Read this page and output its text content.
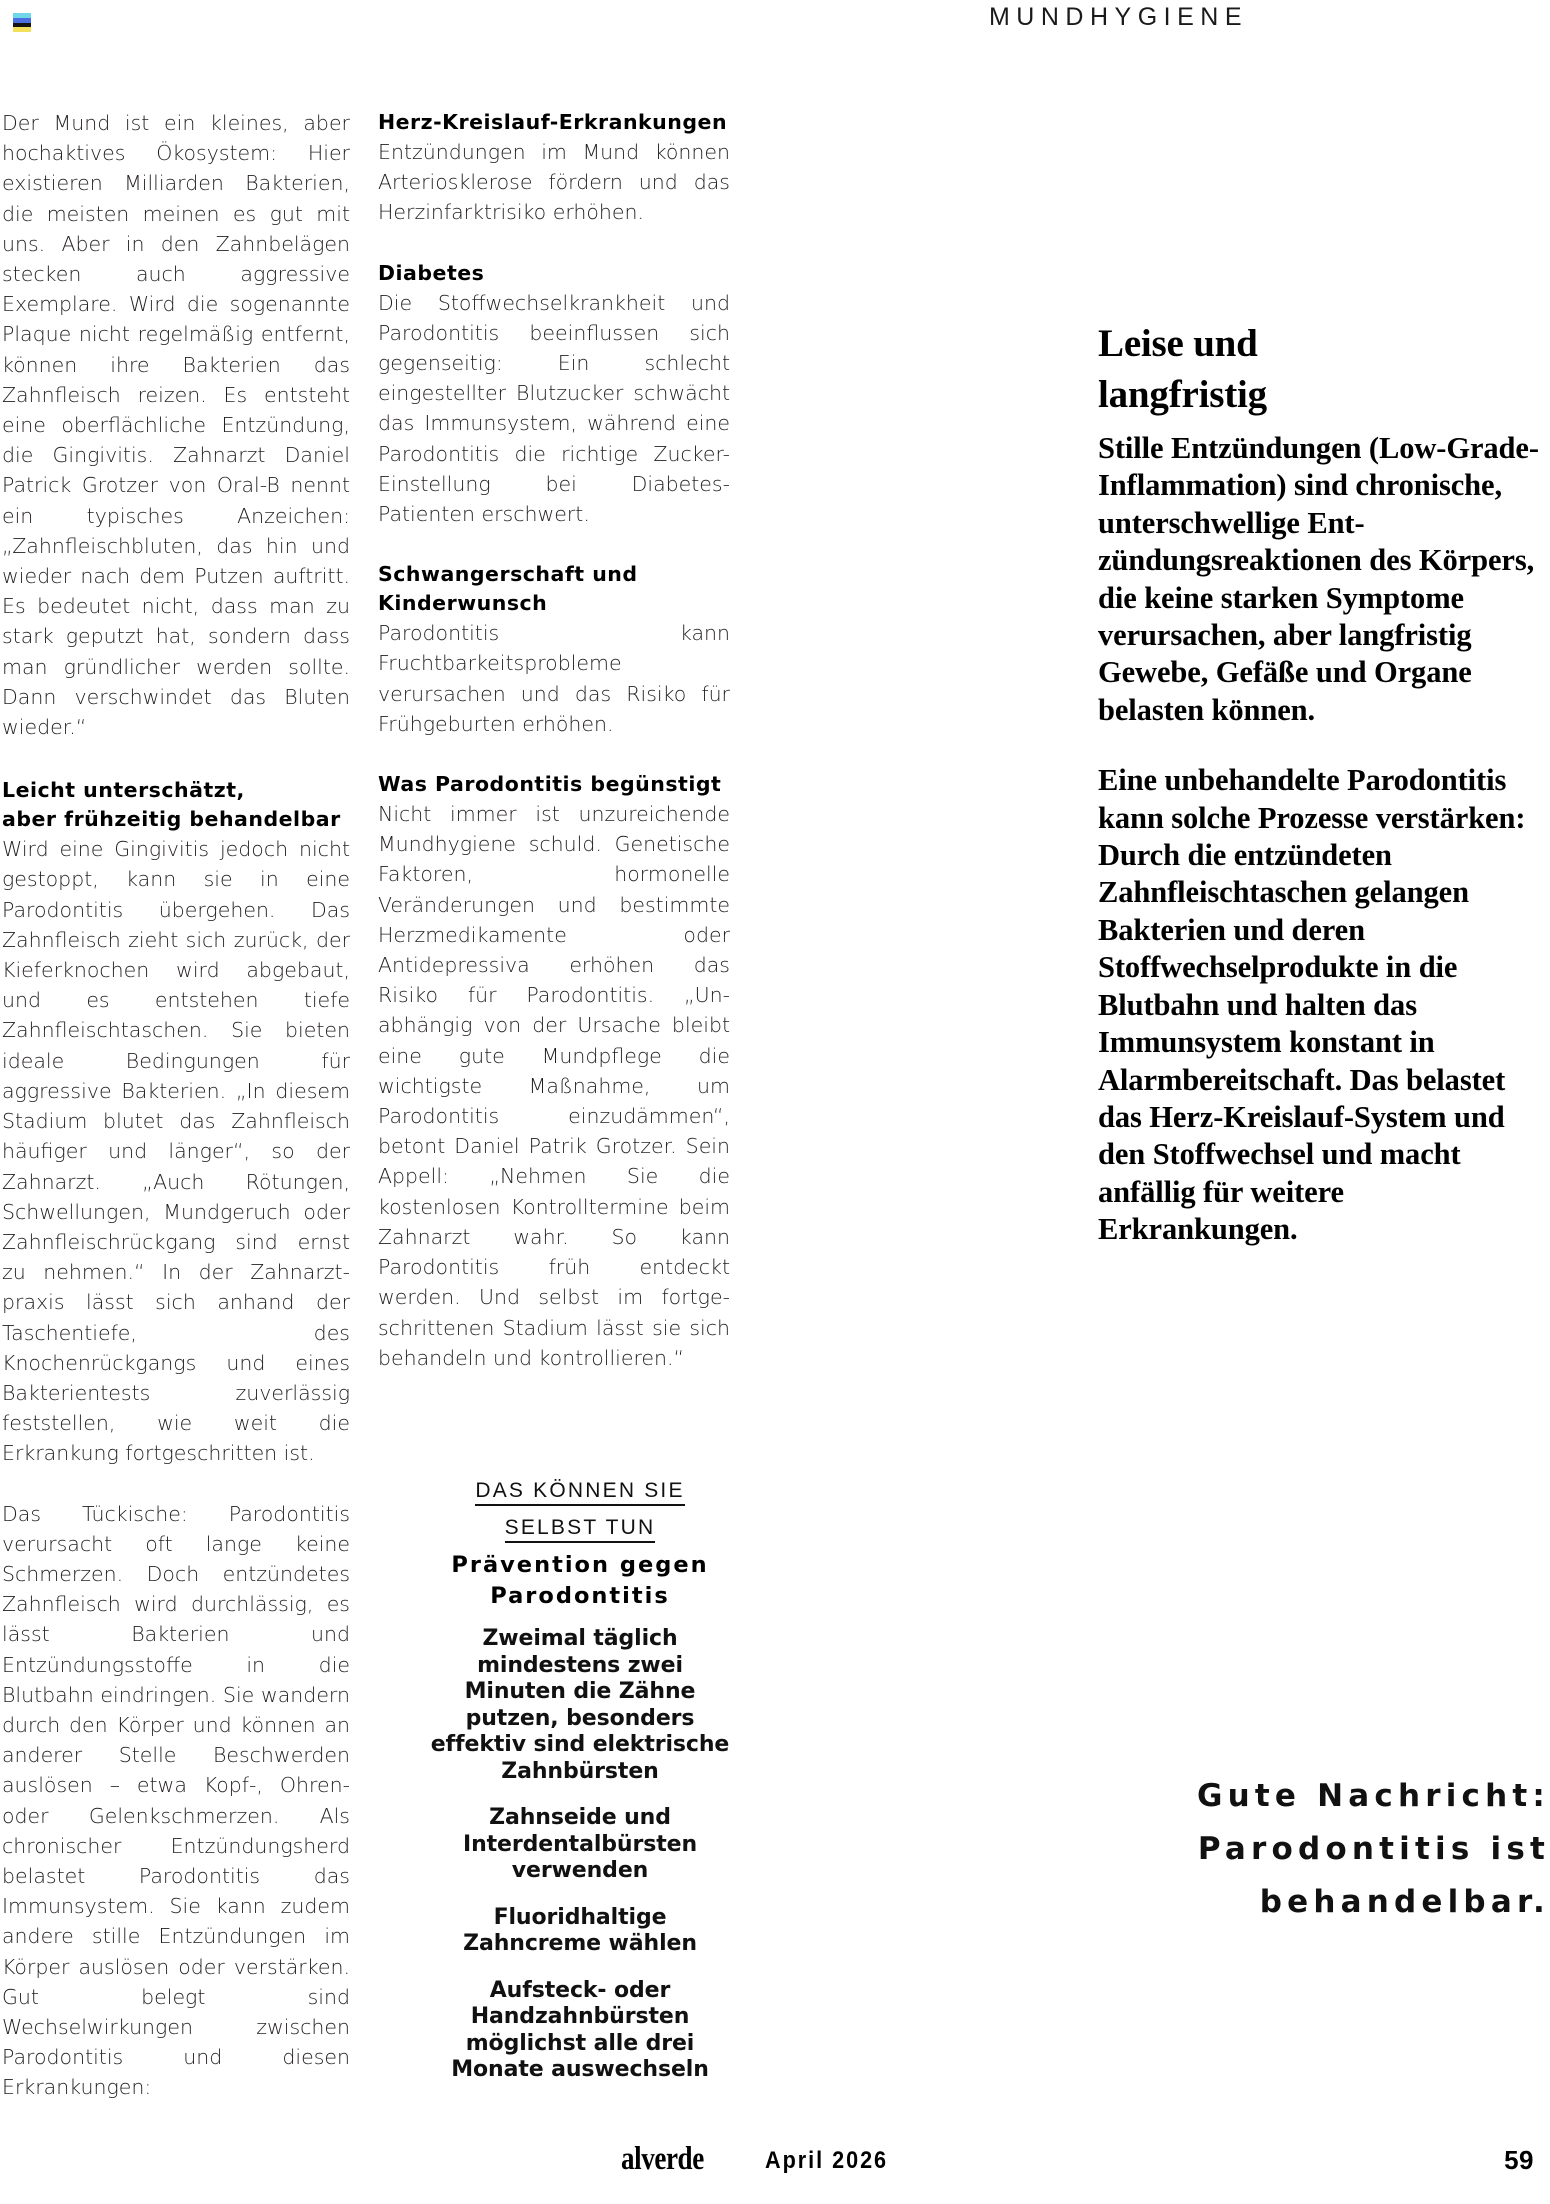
MUNDHYGIENE

Der Mund ist ein kleines, aber hochaktives Ökosystem: Hier existieren Milliarden Bakterien, die meisten meinen es gut mit uns. Aber in den Zahnbelägen stecken auch aggressive Exemplare. Wird die sogenannte Plaque nicht regelmäßig entfernt, können ihre Bakterien das Zahnfleisch reizen. Es entsteht eine oberflächliche Entzündung, die Gingivitis. Zahnarzt Daniel Patrick Grotzer von Oral-B nennt ein typisches Anzeichen: „Zahnfleischbluten, das hin und wieder nach dem Putzen auftritt. Es bedeutet nicht, dass man zu stark geputzt hat, sondern dass man gründlicher werden sollte. Dann verschwindet das Bluten wieder.“

Leicht unterschätzt,
aber frühzeitig behandelbar

Wird eine Gingivitis jedoch nicht gestoppt, kann sie in eine Parodontitis übergehen. Das Zahnfleisch zieht sich zurück, der Kieferknochen wird abgebaut, und es entstehen tiefe Zahnfleischtaschen. Sie bieten ideale Bedingungen für aggressive Bakterien. „In diesem Stadium blutet das Zahnfleisch häufiger und länger“, so der Zahnarzt. „Auch Rötungen, Schwellungen, Mundgeruch oder Zahnfleischrückgang sind ernst zu nehmen.“ In der Zahnarztpraxis lässt sich anhand der Taschentiefe, des Knochenrückgangs und eines Bakterientests zuverlässig feststellen, wie weit die Erkrankung fortgeschritten ist.

Das Tückische: Parodontitis verursacht oft lange keine Schmerzen. Doch entzündetes Zahnfleisch wird durchlässig, es lässt Bakterien und Entzündungsstoffe in die Blutbahn eindringen. Sie wandern durch den Körper und können an anderer Stelle Beschwerden auslösen – etwa Kopf-, Ohren- oder Gelenkschmerzen. Als chronischer Entzündungsherd belastet Parodontitis das Immunsystem. Sie kann zudem andere stille Entzündungen im Körper auslösen oder verstärken. Gut belegt sind Wechselwirkungen zwischen Parodontitis und diesen Erkrankungen:

Herz-Kreislauf-Erkrankungen

Entzündungen im Mund können Arteriosklerose fördern und das Herzinfarktrisiko erhöhen.

Diabetes

Die Stoffwechselkrankheit und Parodontitis beeinflussen sich gegenseitig: Ein schlecht eingestellter Blutzucker schwächt das Immunsystem, während eine Parodontitis die richtige Zucker-Einstellung bei Diabetes-Patienten erschwert.

Schwangerschaft und
Kinderwunsch

Parodontitis kann Fruchtbarkeitsprobleme verursachen und das Risiko für Frühgeburten erhöhen.

Was Parodontitis begünstigt

Nicht immer ist unzureichende Mundhygiene schuld. Genetische Faktoren, hormonelle Veränderungen und bestimmte Herzmedikamente oder Antidepressiva erhöhen das Risiko für Parodontitis. „Unabhängig von der Ursache bleibt eine gute Mundpflege die wichtigste Maßnahme, um Parodontitis einzudämmen“, betont Daniel Patrik Grotzer. Sein Appell: „Nehmen Sie die kostenlosen Kontrolltermine beim Zahnarzt wahr. So kann Parodontitis früh entdeckt werden. Und selbst im fortgeschrittenen Stadium lässt sie sich behandeln und kontrollieren.“

Leise und
langfristig

Stille Entzündungen (Low-Grade-Inflammation) sind chronische, unterschwellige Entzündungsreaktionen des Körpers, die keine starken Symptome verursachen, aber langfristig Gewebe, Gefäße und Organe belasten können.

Eine unbehandelte Parodontitis kann solche Prozesse verstärken: Durch die entzündeten Zahnfleischtaschen gelangen Bakterien und deren Stoffwechselprodukte in die Blutbahn und halten das Immunsystem konstant in Alarmbereitschaft. Das belastet das Herz-Kreislauf-System und den Stoffwechsel und macht anfällig für weitere Erkrankungen.

DAS KÖNNEN SIE
SELBST TUN
Prävention gegen
Parodontitis

Zweimal täglich mindestens zwei Minuten die Zähne putzen, besonders effektiv sind elektrische Zahnbürsten

Zahnseide und Interdentalbürsten verwenden

Fluoridhaltige Zahncreme wählen

Aufsteck- oder Handzahnbürsten möglichst alle drei Monate auswechseln

Gute Nachricht:
Parodontitis ist
behandelbar.
alverde	April 2026	59
